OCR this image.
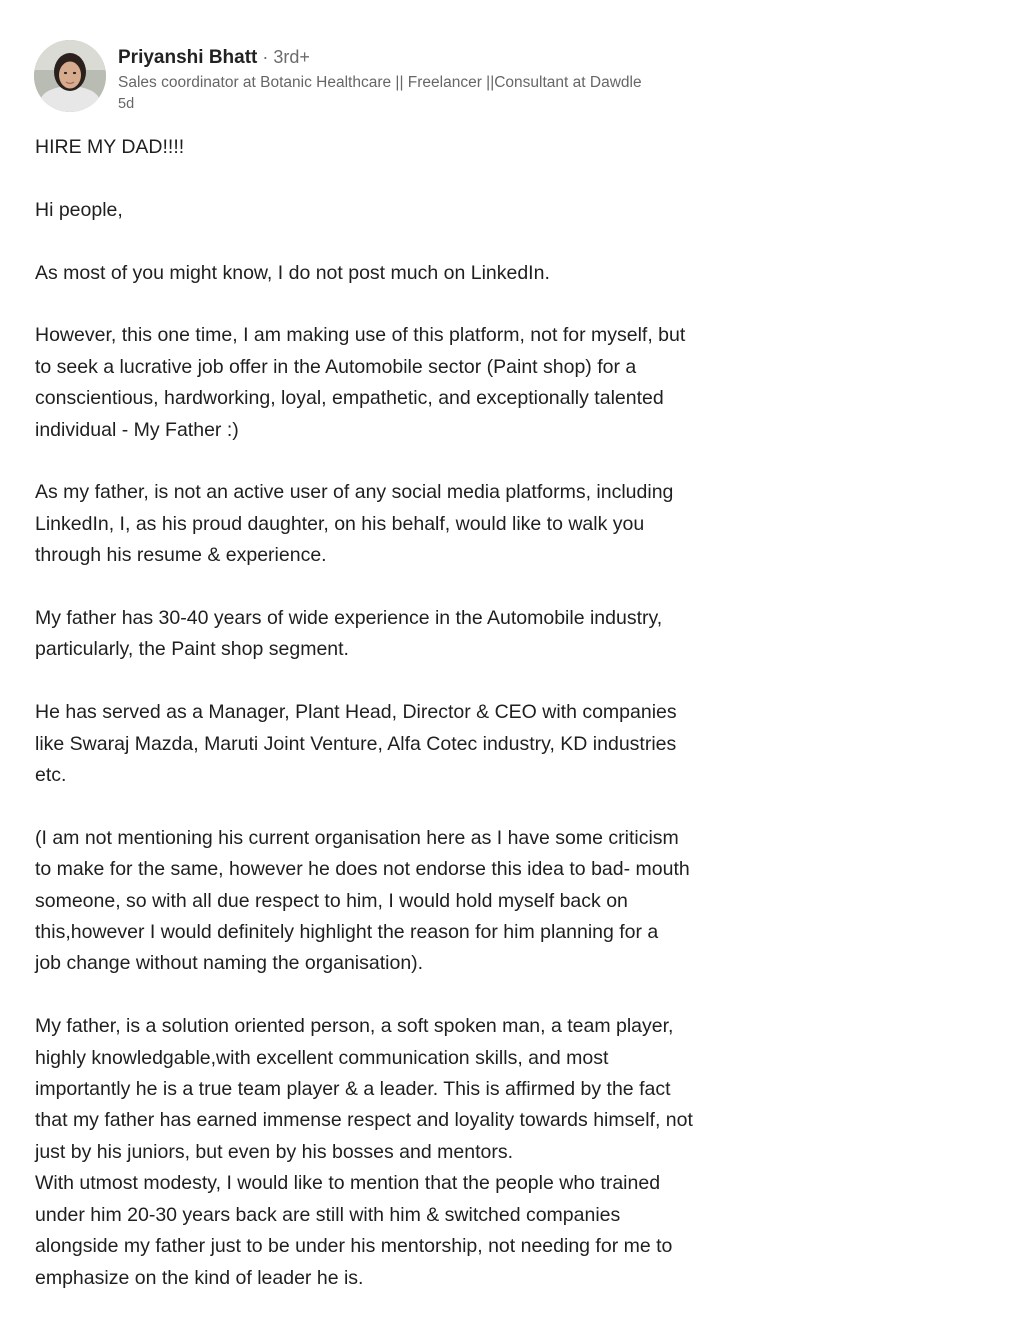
Priyanshi Bhatt · 3rd+
Sales coordinator at Botanic Healthcare || Freelancer ||Consultant at Dawdle
5d

HIRE MY DAD!!!!

Hi people,

As most of you might know, I do not post much on LinkedIn.

However, this one time, I am making use of this platform, not for myself, but
to seek a lucrative job offer in the Automobile sector (Paint shop) for a
conscientious, hardworking, loyal, empathetic, and exceptionally talented
individual - My Father :)

As my father, is not an active user of any social media platforms, including
LinkedIn, I, as his proud daughter, on his behalf, would like to walk you
through his resume & experience.

My father has 30-40 years of wide experience in the Automobile industry,
particularly, the Paint shop segment.

He has served as a Manager, Plant Head, Director & CEO with companies
like Swaraj Mazda, Maruti Joint Venture, Alfa Cotec industry, KD industries
etc.

(I am not mentioning his current organisation here as I have some criticism
to make for the same, however he does not endorse this idea to bad- mouth
someone, so with all due respect to him, I would hold myself back on
this,however I would definitely highlight the reason for him planning for a
job change without naming the organisation).

My father, is a solution oriented person, a soft spoken man, a team player,
highly knowledgable,with excellent communication skills, and most
importantly he is a true team player & a leader. This is affirmed by the fact
that my father has earned immense respect and loyality towards himself, not
just by his juniors, but even by his bosses and mentors.

With utmost modesty, I would like to mention that the people who trained
under him 20-30 years back are still with him & switched companies
alongside my father just to be under his mentorship, not needing for me to
emphasize on the kind of leader he is.
